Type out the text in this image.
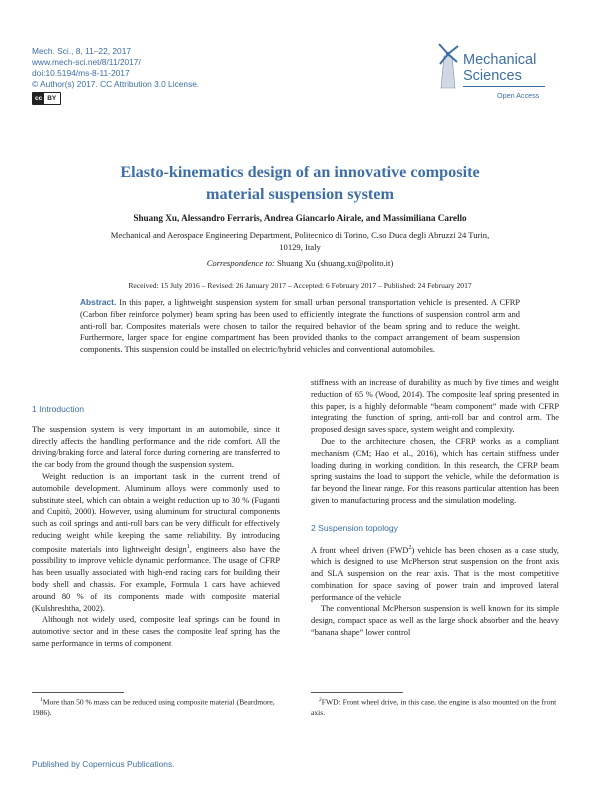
Mech. Sci., 8, 11–22, 2017
www.mech-sci.net/8/11/2017/
doi:10.5194/ms-8-11-2017
© Author(s) 2017. CC Attribution 3.0 License.
cc BY
Mechanical
Sciences
Open Access
Elasto-kinematics design of an innovative composite
material suspension system
Shuang Xu, Alessandro Ferraris, Andrea Giancarlo Airale, and Massimiliana Carello
Mechanical and Aerospace Engineering Department, Politecnico di Torino, C.so Duca degli Abruzzi 24 Turin,
10129, Italy
Correspondence to: Shuang Xu (shuang.xu@polito.it)
Received: 15 July 2016 – Revised: 26 January 2017 – Accepted: 6 February 2017 – Published: 24 February 2017
Abstract. In this paper, a lightweight suspension system for small urban personal transportation vehicle is presented. A CFRP (Carbon fiber reinforce polymer) beam spring has been used to efficiently integrate the functions of suspension control arm and anti-roll bar. Composites materials were chosen to tailor the required behavior of the beam spring and to reduce the weight. Furthermore, larger space for engine compartment has been provided thanks to the compact arrangement of beam suspension components. This suspension could be installed on electric/hybrid vehicles and conventional automobiles.
1 Introduction

The suspension system is very important in an automobile, since it directly affects the handling performance and the ride comfort. All the driving/braking force and lateral force during cornering are transferred to the car body from the ground though the suspension system.

Weight reduction is an important task in the current trend of automobile development. Aluminum alloys were commonly used to substitute steel, which can obtain a weight reduction up to 30 % (Fuganti and Cupitò, 2000). However, using aluminum for structural components such as coil springs and anti-roll bars can be very difficult for effectively reducing weight while keeping the same reliability. By introducing composite materials into lightweight design$^1$, engineers also have the possibility to improve vehicle dynamic performance. The usage of CFRP has been usually associated with high-end racing cars for building their body shell and chassis. For example, Formula 1 cars have achieved around 80 % of its components made with composite material (Kulshreshtha, 2002).

Although not widely used, composite leaf springs can be found in automotive sector and in these cases the composite leaf spring has the same performance in terms of component

$^1$More than 50 % mass can be reduced using composite material (Beardmore, 1986).

stiffness with an increase of durability as much by five times and weight reduction of 65 % (Wood, 2014). The composite leaf spring presented in this paper, is a highly deformable “beam component” made with CFRP integrating the function of spring, anti-roll bar and control arm. The proposed design saves space, system weight and complexity.

Due to the architecture chosen, the CFRP works as a compliant mechanism (CM; Hao et al., 2016), which has certain stiffness under loading during in working condition. In this research, the CFRP beam spring sustains the load to support the vehicle, while the deformation is far beyond the linear range. For this reasons particular attention has been given to manufacturing process and the simulation modeling.

2 Suspension topology

A front wheel driven (FWD$^2$) vehicle has been chosen as a case study, which is designed to use McPherson strut suspension on the front axis and SLA suspension on the rear axis. That is the most competitive combination for space saving of power train and improved lateral performance of the vehicle

The conventional McPherson suspension is well known for its simple design, compact space as well as the large shock absorber and the heavy “banana shape” lower control

$^2$FWD: Front wheel drive, in this case, the engine is also mounted on the front axis.
Published by Copernicus Publications.
